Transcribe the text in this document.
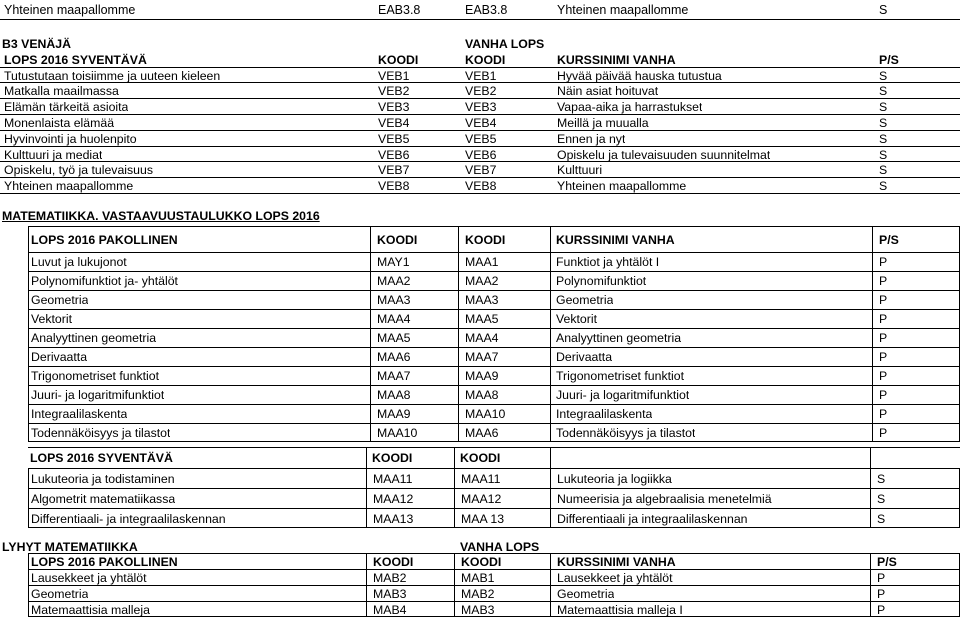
Yhteinen maapallomme	EAB3.8	EAB3.8	Yhteinen maapallomme	S
B3 VENÄJÄ	VANHA LOPS
LOPS 2016 SYVENTÄVÄ	KOODI	KOODI	KURSSINIMI VANHA	P/S
Tutustutaan toisiimme ja uuteen kieleen	VEB1	VEB1	Hyvää päivää hauska tutustua	S
Matkalla maailmassa	VEB2	VEB2	Näin asiat hoituvat	S
Elämän tärkeitä asioita	VEB3	VEB3	Vapaa-aika ja harrastukset	S
Monenlaista elämää	VEB4	VEB4	Meillä ja muualla	S
Hyvinvointi ja huolenpito	VEB5	VEB5	Ennen ja nyt	S
Kulttuuri ja mediat	VEB6	VEB6	Opiskelu ja tulevaisuuden suunnitelmat	S
Opiskelu, työ ja tulevaisuus	VEB7	VEB7	Kulttuuri	S
Yhteinen maapallomme	VEB8	VEB8	Yhteinen maapallomme	S
MATEMATIIKKA. VASTAAVUUSTAULUKKO LOPS 2016
LOPS 2016 PAKOLLINEN	KOODI	KOODI	KURSSINIMI VANHA	P/S
Luvut ja lukujonot	MAY1	MAA1	Funktiot ja yhtälöt I	P
Polynomifunktiot ja- yhtälöt	MAA2	MAA2	Polynomifunktiot	P
Geometria	MAA3	MAA3	Geometria	P
Vektorit	MAA4	MAA5	Vektorit	P
Analyyttinen geometria	MAA5	MAA4	Analyyttinen geometria	P
Derivaatta	MAA6	MAA7	Derivaatta	P
Trigonometriset funktiot	MAA7	MAA9	Trigonometriset funktiot	P
Juuri- ja logaritmifunktiot	MAA8	MAA8	Juuri- ja logaritmifunktiot	P
Integraalilaskenta	MAA9	MAA10	Integraalilaskenta	P
Todennäköisyys ja tilastot	MAA10	MAA6	Todennäköisyys ja tilastot	P
LOPS 2016 SYVENTÄVÄ	KOODI	KOODI
Lukuteoria ja todistaminen	MAA11	MAA11	Lukuteoria ja logiikka	S
Algometrit matematiikassa	MAA12	MAA12	Numeerisia ja algebraalisia menetelmiä	S
Differentiaali- ja integraalilaskennan	MAA13	MAA 13	Differentiaali ja integraalilaskennan	S
LYHYT MATEMATIIKKA	VANHA LOPS
LOPS 2016 PAKOLLINEN	KOODI	KOODI	KURSSINIMI VANHA	P/S
Lausekkeet ja yhtälöt	MAB2	MAB1	Lausekkeet ja yhtälöt	P
Geometria	MAB3	MAB2	Geometria	P
Matemaattisia malleja	MAB4	MAB3	Matemaattisia malleja I	P
